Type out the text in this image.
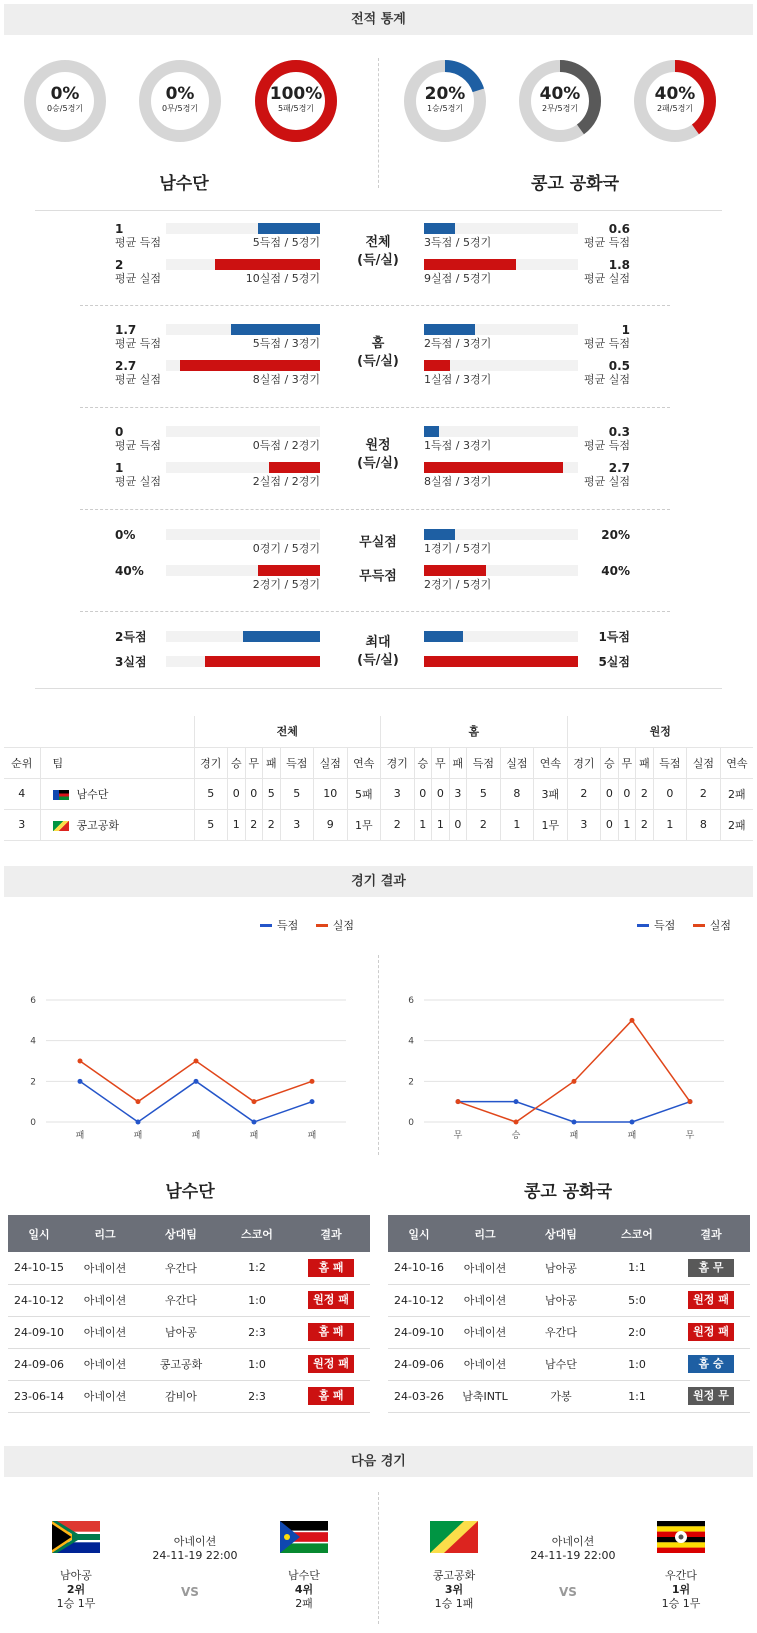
전적 통계
0%
0승/5경기
0%
0무/5경기
100%
5패/5경기
20%
1승/5경기
40%
2무/5경기
40%
2패/5경기
남수단	콩고 공화국
1
평균 득점	5득점 / 5경기
2
평균 실점	10실점 / 5경기
전체
(득/실)
3득점 / 5경기
0.6
평균 득점
9실점 / 5경기
1.8
평균 실점
1.7
평균 득점	5득점 / 3경기
2.7
평균 실점	8실점 / 3경기
홈
(득/실)
2득점 / 3경기
1
평균 득점
1실점 / 3경기
0.5
평균 실점
0
평균 득점	0득점 / 2경기
1
평균 실점	2실점 / 2경기
원정
(득/실)
1득점 / 3경기
0.3
평균 득점
8실점 / 3경기
2.7
평균 실점
0%
0경기 / 5경기
40%
2경기 / 5경기
무실점
무득점
1경기 / 5경기
20%
2경기 / 5경기
40%
2득점
3실점
최대
(득/실)
1득점
5실점
		전체							홈							원정						
순위	팀	경기	승	무	패	득점	실점	연속	경기	승	무	패	득점	실점	연속	경기	승	무	패	득점	실점	연속
4	남수단	5	0	0	5	5	10	5패	3	0	0	3	5	8	3패	2	0	0	2	0	2	2패
3	콩고공화	5	1	2	2	3	9	1무	2	1	1	0	2	1	1무	3	0	1	2	1	8	2패
경기 결과
득점	실점	득점	실점
0
2
4
6
패	패	패	패	패
0
2
4
6
무	승	패	패	무
남수단	콩고 공화국
일시	리그	상대팀	스코어	결과
24-10-15	아네이션	우간다	1:2	홈 패
24-10-12	아네이션	우간다	1:0	원정 패
24-09-10	아네이션	남아공	2:3	홈 패
24-09-06	아네이션	콩고공화	1:0	원정 패
23-06-14	아네이션	감비아	2:3	홈 패
일시	리그	상대팀	스코어	결과
24-10-16	아네이션	남아공	1:1	홈 무
24-10-12	아네이션	남아공	5:0	원정 패
24-09-10	아네이션	우간다	2:0	원정 패
24-09-06	아네이션	남수단	1:0	홈 승
24-03-26	남축INTL	가봉	1:1	원정 무
다음 경기
남아공
2위
1승 1무
아네이션
24-11-19 22:00
VS
남수단
4위
2패
콩고공화
3위
1승 1패
아네이션
24-11-19 22:00
VS
우간다
1위
1승 1무
